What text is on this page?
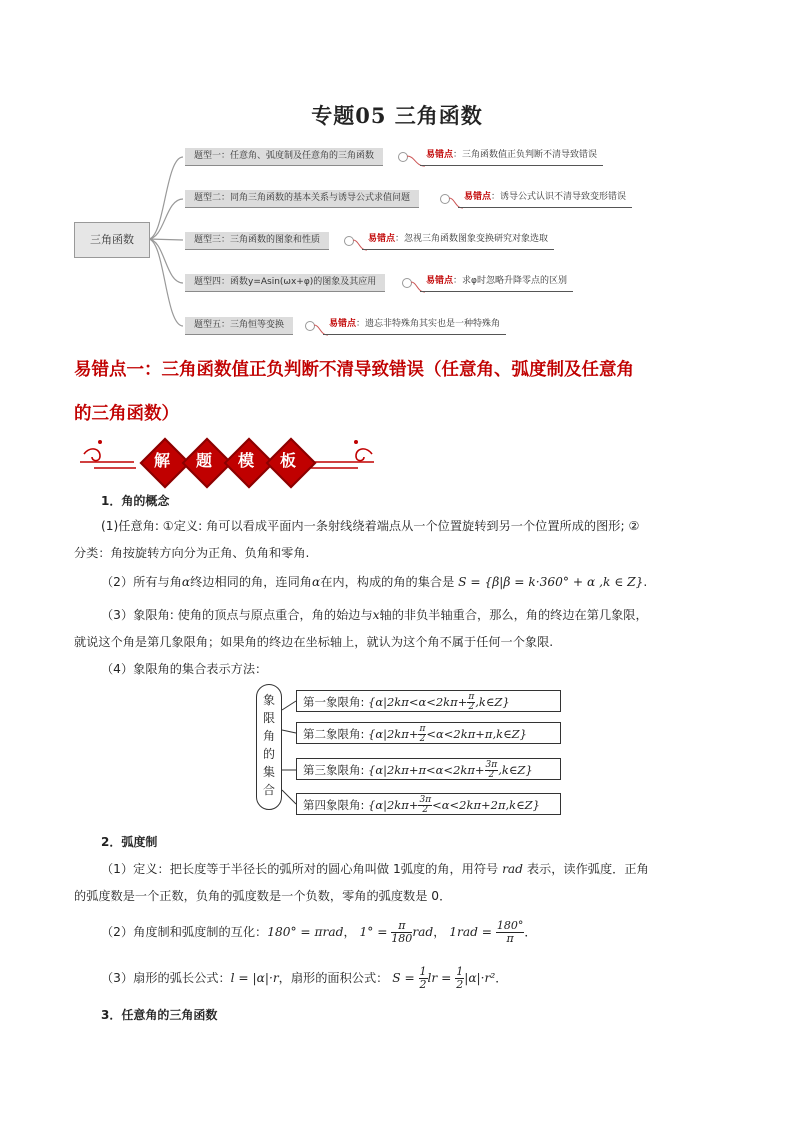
专题05 三角函数
三角函数
题型一：任意角、弧度制及任意角的三角函数	易错点：三角函数值正负判断不清导致错误
题型二：同角三角函数的基本关系与诱导公式求值问题	易错点：诱导公式认识不清导致变形错误
题型三：三角函数的图象和性质	易错点：忽视三角函数图象变换研究对象选取
题型四：函数y=Asin(ωx+φ)的图象及其应用	易错点：求φ时忽略升降零点的区别
题型五：三角恒等变换	易错点：遗忘非特殊角其实也是一种特殊角
易错点一：三角函数值正负判断不清导致错误（任意角、弧度制及任意角
的三角函数）
解	题	模	板
1．角的概念
(1)任意角: ①定义: 角可以看成平面内一条射线绕着端点从一个位置旋转到另一个位置所成的图形; ②
分类：角按旋转方向分为正角、负角和零角.
（2）所有与角α终边相同的角，连同角α在内，构成的角的集合是 S = {β|β = k·360° + α ,k ∈ Z}.
（3）象限角: 使角的顶点与原点重合，角的始边与x轴的非负半轴重合，那么，角的终边在第几象限，
就说这个角是第几象限角；如果角的终边在坐标轴上，就认为这个角不属于任何一个象限.
（4）象限角的集合表示方法：
象
限
角
的
集
合
第一象限角: {$\alpha|2k\pi<\alpha<2k\pi+ \frac{\pi}{2}$ ,k∈Z}
第二象限角: {$\alpha|2k\pi+ \frac{\pi}{2}$ <α<2kπ+π,k∈Z}
第三象限角: {$\alpha|2k\pi+\pi<\alpha<2k\pi+ \frac{3\pi}{2}$ ,k∈Z}
第四象限角: {$\alpha|2k\pi+ \frac{3\pi}{2}$ <α<2kπ+2π,k∈Z}
2．弧度制
（1）定义：把长度等于半径长的弧所对的圆心角叫做 1弧度的角，用符号 rad 表示，读作弧度．正角
的弧度数是一个正数，负角的弧度数是一个负数，零角的弧度数是 0．
（2）角度制和弧度制的互化：180° = πrad， $1^\circ = \frac{\pi}{180}$ rad， $1rad = \frac{180^\circ}{\pi}$ ．
（3）扇形的弧长公式：l = |α|·r，扇形的面积公式： $S = \frac{1}{2}$ lr = $\frac{1}{2} |\alpha|\cdot r^2$．
3．任意角的三角函数
